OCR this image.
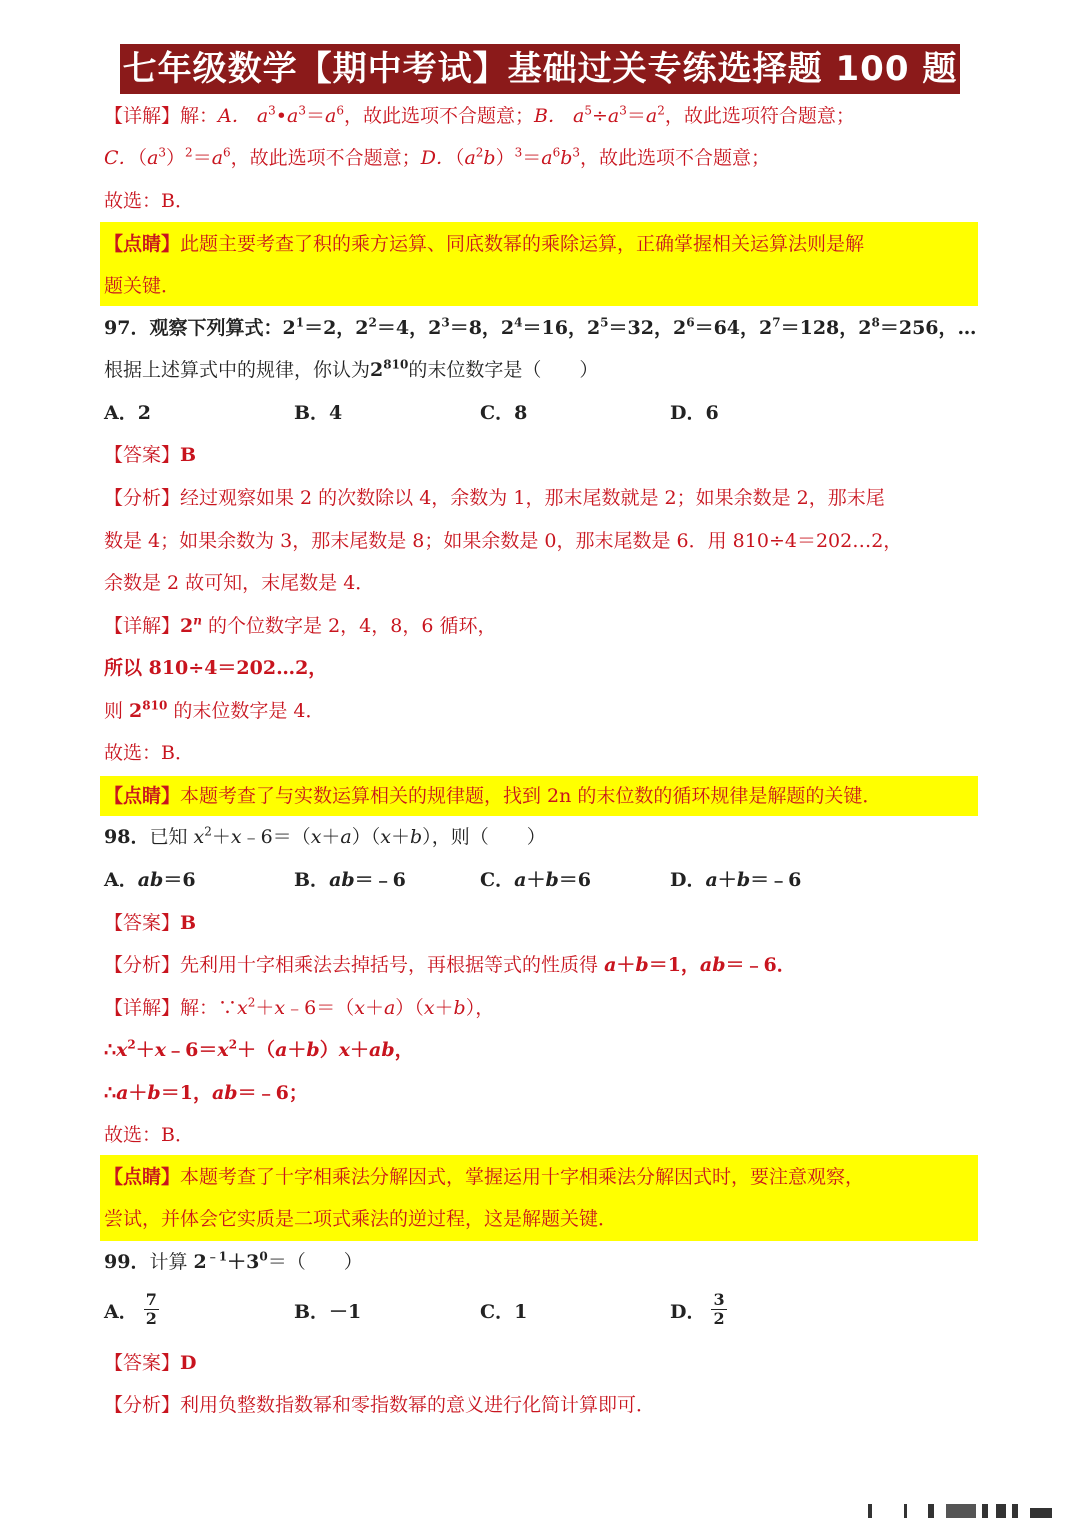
七年级数学【期中考试】基础过关专练选择题 100 题
【详解】解：A． $a^3•a^3=a^6$，故此选项不合题意；B． $a^5\div a^3=a^2$，故此选项符合题意；
C．$(a^3)^2=a^6$，故此选项不合题意；D．$(a^2b)^3=a^6b^3$，故此选项不合题意；
故选：B．
【点睛】此题主要考查了积的乘方运算、同底数幂的乘除运算，正确掌握相关运算法则是解
题关键．
97．观察下列算式：$2^1=2$，$2^2=4$，$2^3=8$，$2^4=16$，$2^5=32$，$2^6=64$，$2^7=128$，$2^8=256$，…
根据上述算式中的规律，你认为$2^{810}$的末位数字是（　　）
A．2	B．4	C．8	D．6
【答案】B
【分析】经过观察如果 2 的次数除以 4，余数为 1，那末尾数就是 2；如果余数是 2，那末尾
数是 4；如果余数为 3，那末尾数是 8；如果余数是 0，那末尾数是 6．用 810÷4＝202…2，
余数是 2 故可知，末尾数是 4．
【详解】2$^n$ 的个位数字是 2，4，8，6 循环，
所以 810÷4＝202…2，
则 $2^{810}$ 的末位数字是 4．
故选：B．
【点睛】本题考查了与实数运算相关的规律题，找到 2n 的末位数的循环规律是解题的关键．
98．已知 $x^2+x﹣6=(x+a)(x+b)$，则（　　）
A．ab＝6	B．ab＝﹣6	C．a＋b＝6	D．a＋b＝﹣6
【答案】B
【分析】先利用十字相乘法去掉括号，再根据等式的性质得 a＋b＝1，ab＝﹣6．
【详解】解：$\because x^2+x﹣6=(x+a)(x+b)$，
$\therefore x^2+x﹣6=x^2+(a+b)x+ab$，
∴a＋b＝1，ab＝﹣6；
故选：B．
【点睛】本题考查了十字相乘法分解因式，掌握运用十字相乘法分解因式时，要注意观察，
尝试，并体会它实质是二项式乘法的逆过程，这是解题关键．
99．计算 $2^{﹣1}+3^0=$（　　）
A． $\frac{7}{2}$	B．－1	C．1	D． $\frac{3}{2}$
【答案】D
【分析】利用负整数指数幂和零指数幂的意义进行化简计算即可．
